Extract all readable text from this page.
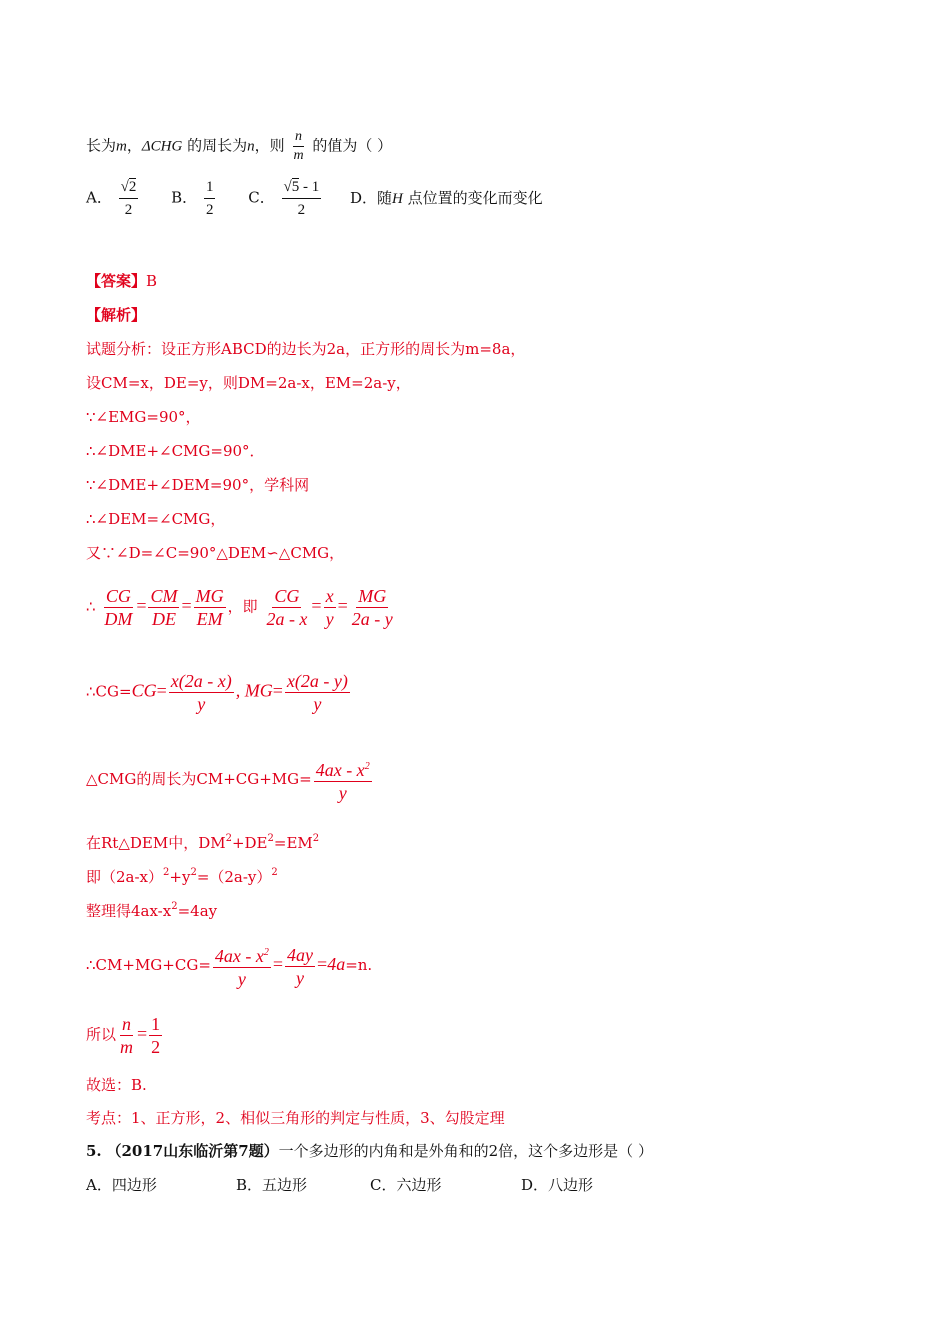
长为m，ΔCHG 的周长为n，则 $\frac{n}{m}$ 的值为（ ）
A． $\frac{√2}{2}$ B． $\frac{1}{2}$ C． $\frac{√5 - 1}{2}$ D．随H 点位置的变化而变化
【答案】B
【解析】
试题分析：设正方形ABCD的边长为2a，正方形的周长为m=8a，
设CM=x，DE=y，则DM=2a-x，EM=2a-y，
∵∠EMG=90°，
∴∠DME+∠CMG=90°．
∵∠DME+∠DEM=90°，学科网
∴∠DEM=∠CMG，
又∵∠D=∠C=90°△DEM∽△CMG，
∴ $\frac{CG}{DM} = \frac{CM}{DE} = \frac{MG}{EM}$ ，即 $\frac{CG}{2a - x} = \frac{x}{y} = \frac{MG}{2a - y}$
∴CG=CG= $\frac{x(2a - x)}{y}$ , $MG= \frac{x(2a - y)}{y}$
△CMG的周长为$CM+CG+MG= \frac{4ax - x^2}{y}$
在Rt△DEM中，$DM^2+DE^2=EM^2$
即$(2a-x)^2+y^2=(2a-y)^2$
整理得$4ax-x^2=4ay$
∴CM+MG+CG= $\frac{4ax - x^2}{y} = \frac{4ay}{y} =4a=n$.
所以 $\frac{n}{m} = \frac{1}{2}$
故选：B.
考点：1、正方形，2、相似三角形的判定与性质，3、勾股定理
5. （2017山东临沂第7题）一个多边形的内角和是外角和的2倍，这个多边形是（ ）
A．四边形	B．五边形	C．六边形	D．八边形
